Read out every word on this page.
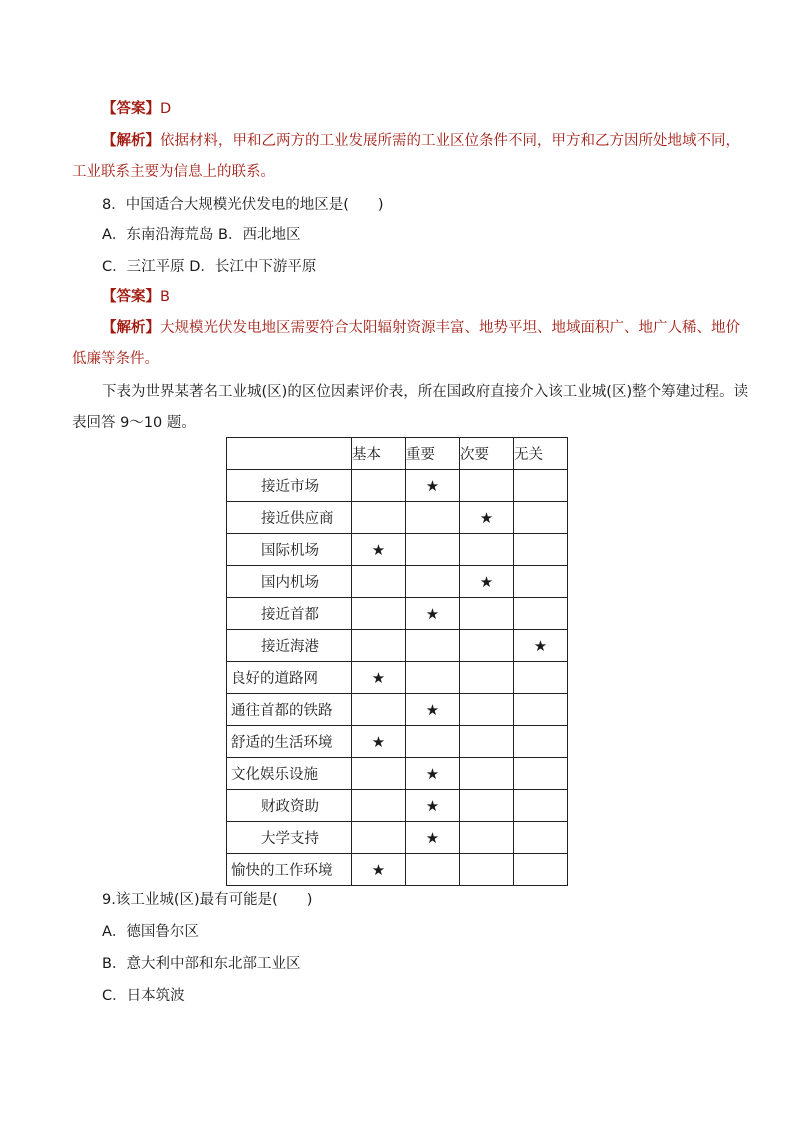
【答案】D
【解析】依据材料，甲和乙两方的工业发展所需的工业区位条件不同，甲方和乙方因所处地域不同，
工业联系主要为信息上的联系。
8．中国适合大规模光伏发电的地区是(　　)
A．东南沿海荒岛 B．西北地区
C．三江平原 D．长江中下游平原
【答案】B
【解析】大规模光伏发电地区需要符合太阳辐射资源丰富、地势平坦、地域面积广、地广人稀、地价
低廉等条件。
下表为世界某著名工业城(区)的区位因素评价表，所在国政府直接介入该工业城(区)整个筹建过程。读
表回答 9～10 题。
	基本	重要	次要	无关
接近市场		★		
接近供应商			★	
国际机场	★			
国内机场			★	
接近首都		★		
接近海港				★
良好的道路网	★			
通往首都的铁路		★		
舒适的生活环境	★			
文化娱乐设施		★		
财政资助		★		
大学支持		★		
愉快的工作环境	★			
9.该工业城(区)最有可能是(　　)
A．德国鲁尔区
B．意大利中部和东北部工业区
C．日本筑波
